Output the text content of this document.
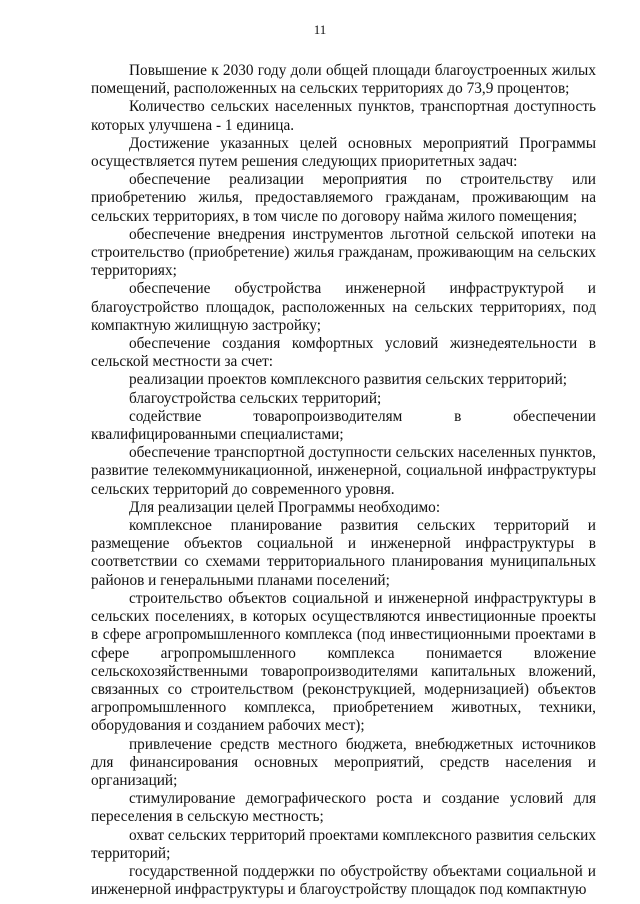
11

Повышение к 2030 году доли общей площади благоустроенных жилых помещений, расположенных на сельских территориях до 73,9 процентов;

Количество сельских населенных пунктов, транспортная доступность которых улучшена - 1 единица.

Достижение указанных целей основных мероприятий Программы осуществляется путем решения следующих приоритетных задач:

обеспечение реализации мероприятия по строительству или приобретению жилья, предоставляемого гражданам, проживающим на сельских территориях, в том числе по договору найма жилого помещения;

обеспечение внедрения инструментов льготной сельской ипотеки на строительство (приобретение) жилья гражданам, проживающим на сельских территориях;

обеспечение обустройства инженерной инфраструктурой и благоустройство площадок, расположенных на сельских территориях, под компактную жилищную застройку;

обеспечение создания комфортных условий жизнедеятельности в сельской местности за счет:

реализации проектов комплексного развития сельских территорий;

благоустройства сельских территорий;

содействие товаропроизводителям в обеспечении квалифицированными специалистами;

обеспечение транспортной доступности сельских населенных пунктов, развитие телекоммуникационной, инженерной, социальной инфраструктуры сельских территорий до современного уровня.

Для реализации целей Программы необходимо:

комплексное планирование развития сельских территорий и размещение объектов социальной и инженерной инфраструктуры в соответствии со схемами территориального планирования муниципальных районов и генеральными планами поселений;

строительство объектов социальной и инженерной инфраструктуры в сельских поселениях, в которых осуществляются инвестиционные проекты в сфере агропромышленного комплекса (под инвестиционными проектами в сфере агропромышленного комплекса понимается вложение сельскохозяйственными товаропроизводителями капитальных вложений, связанных со строительством (реконструкцией, модернизацией) объектов агропромышленного комплекса, приобретением животных, техники, оборудования и созданием рабочих мест);

привлечение средств местного бюджета, внебюджетных источников для финансирования основных мероприятий, средств населения и организаций;

стимулирование демографического роста и создание условий для переселения в сельскую местность;

охват сельских территорий проектами комплексного развития сельских территорий;

государственной поддержки по обустройству объектами социальной и инженерной инфраструктуры и благоустройству площадок под компактную
